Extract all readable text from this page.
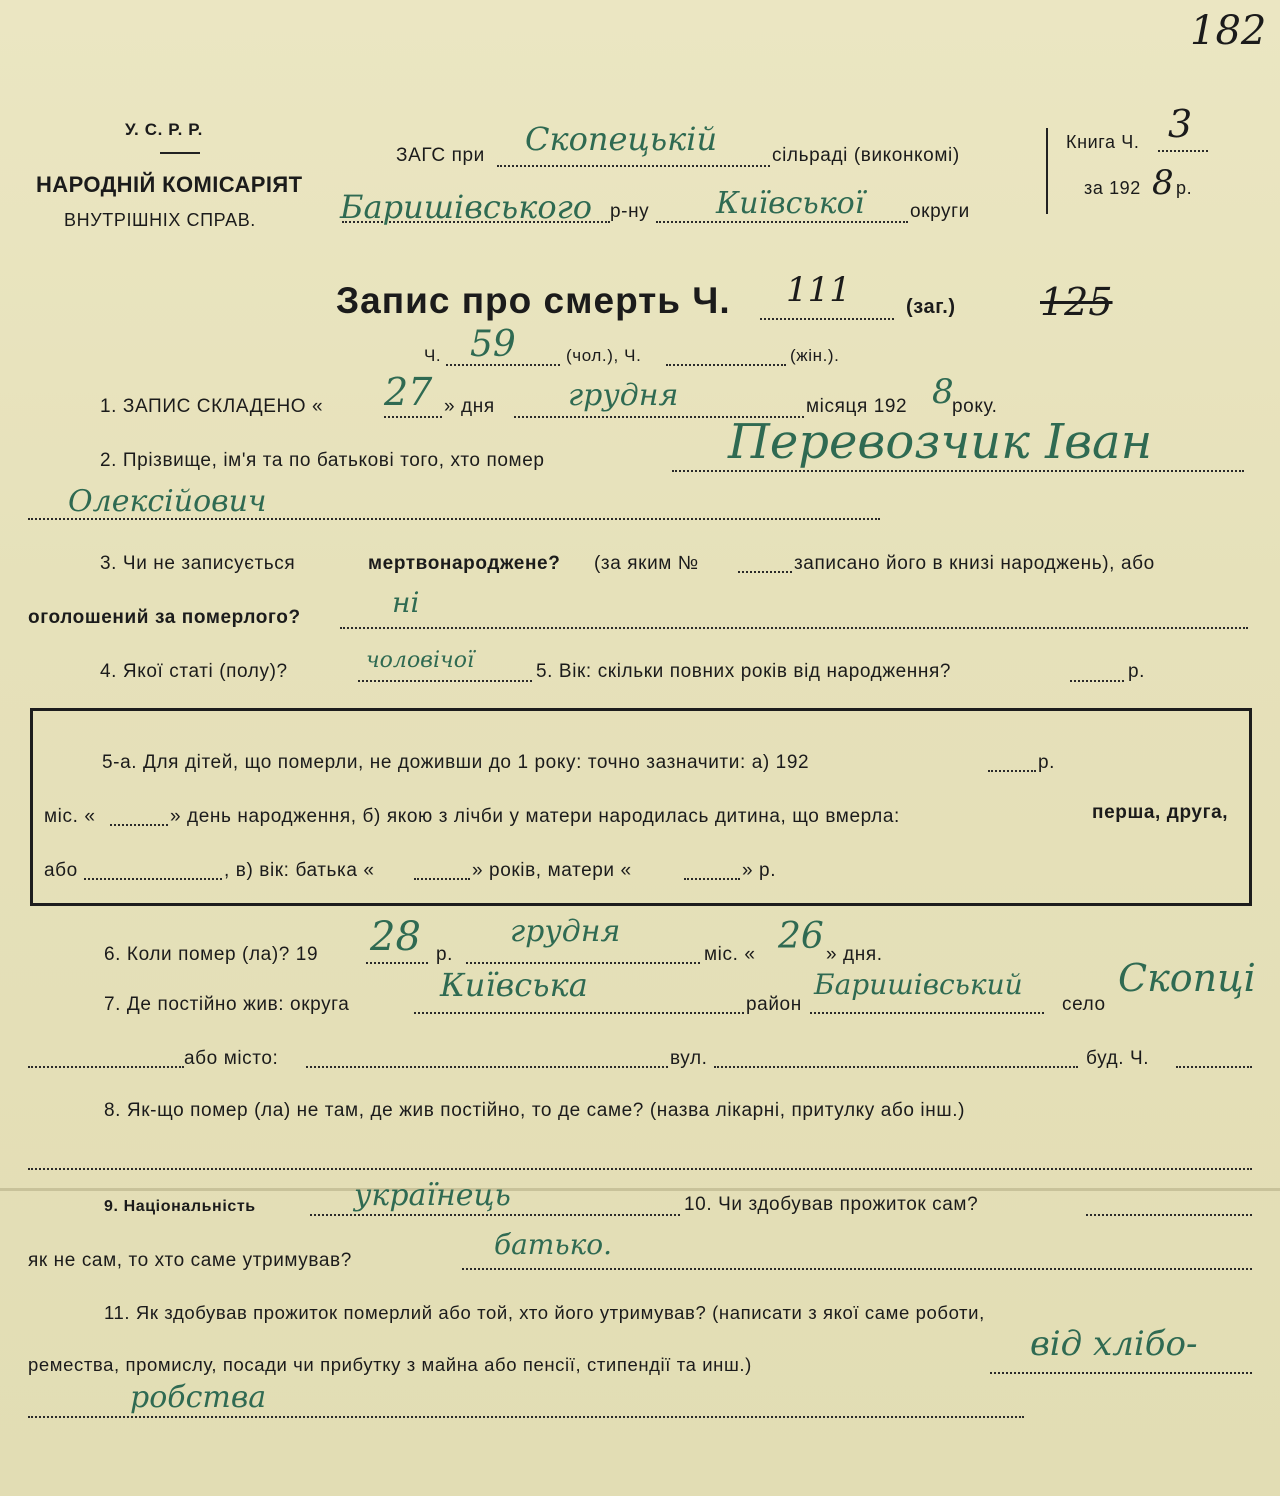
182
У. С. Р. Р.
НАРОДНІЙ КОМІСАРІЯТ
ВНУТРІШНІХ СПРАВ.
ЗАГС при Скопецькій	сільраді (виконкомі)
Баришівського р-ну Київської округи
Книга Ч. 3
за 192 8 р.
Запис про смерть Ч. 111	(заг.) 125
Ч. 59	(чол.), Ч.	(жін.).
1. ЗАПИС СКЛАДЕНО « 27 » дня грудня	місяця 192 8
року.
2. Прізвище, ім'я та по батькові того, хто помер	Перевозчик Іван
Олексійович
3. Чи не записується	мертвонароджене? (за яким №	записано його в книзі народжень), або
оголошений за померлого?	ні
4. Якої статі (полу)?	чоловічої	5. Вік: скільки повних років від народження?	р.
5-а. Для дітей, що померли, не доживши до 1 року: точно зазначити: а) 192	р.
міс. «	» день народження, б) якою з лічби у матери народилась дитина, що вмерла:	перша, друга,
або	, в) вік: батька «	» років, матери «	» р.
6. Коли помер (ла)? 19 28 р.
грудня
міс. « 26 » дня.
7. Де постійно жив: округа
Київська
район
Баришівський
село
Скопці
або місто:	вул.	буд. Ч.
8. Як-що помер (ла) не там, де жив постійно, то де саме? (назва лікарні, притулку або інш.)
9. Національність	українець	10. Чи здобував прожиток сам?
як не сам, то хто саме утримував?	батько.
11. Як здобував прожиток померлий або той, хто його утримував? (написати з якої саме роботи,
ремества, промислу, посади чи прибутку з майна або пенсії, стипендії та инш.)
від хлібо-
робства
